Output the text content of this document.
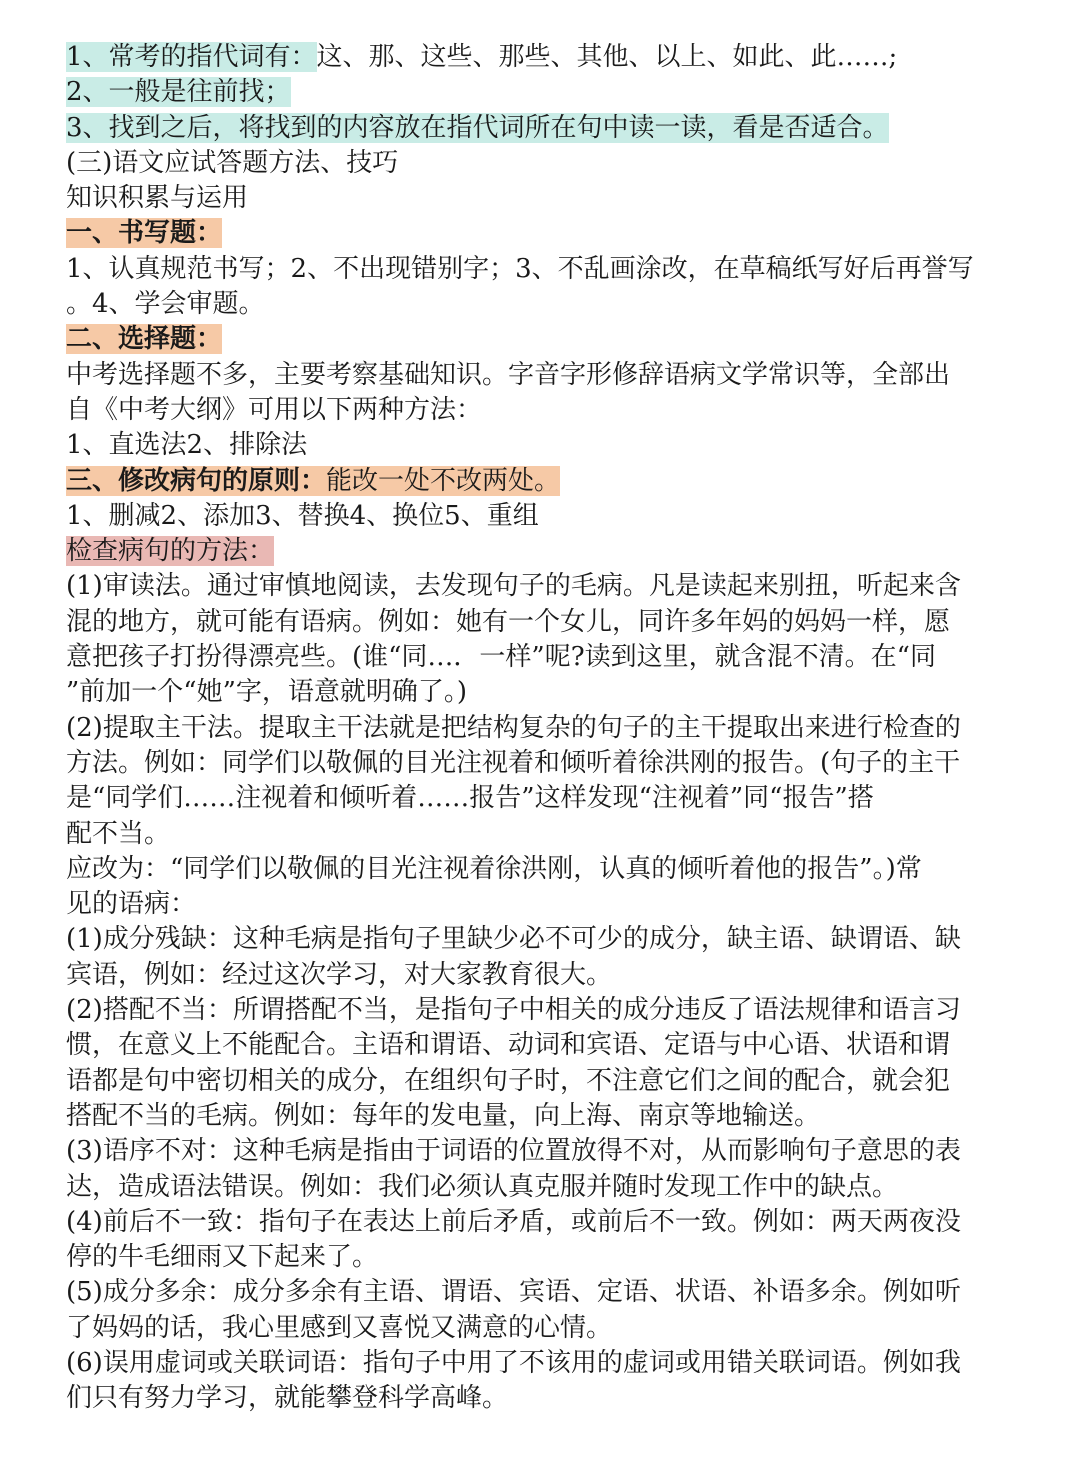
1、常考的指代词有：这、那、这些、那些、其他、以上、如此、此……;
2、一般是往前找；
3、找到之后，将找到的内容放在指代词所在句中读一读，看是否适合。
(三)语文应试答题方法、技巧
知识积累与运用
一、书写题：
1、认真规范书写；2、不出现错别字；3、不乱画涂改，在草稿纸写好后再誉写
。4、学会审题。
二、选择题：
中考选择题不多，主要考察基础知识。字音字形修辞语病文学常识等，全部出
自《中考大纲》可用以下两种方法：
1、直选法2、排除法
三、修改病句的原则：能改一处不改两处。
1、删减2、添加3、替换4、换位5、重组
检查病句的方法：
(1)审读法。通过审慎地阅读，去发现句子的毛病。凡是读起来别扭，听起来含
混的地方，就可能有语病。例如：她有一个女儿，同许多年妈的妈妈一样，愿
意把孩子打扮得漂亮些。(谁“同…．一样”呢?读到这里，就含混不清。在“同
”前加一个“她”字，语意就明确了。)
(2)提取主干法。提取主干法就是把结构复杂的句子的主干提取出来进行检查的
方法。例如：同学们以敬佩的目光注视着和倾听着徐洪刚的报告。(句子的主干
是“同学们……注视着和倾听着……报告”这样发现“注视着”同“报告”搭
配不当。
应改为：“同学们以敬佩的目光注视着徐洪刚，认真的倾听着他的报告”。)常
见的语病：
(1)成分残缺：这种毛病是指句子里缺少必不可少的成分，缺主语、缺谓语、缺
宾语，例如：经过这次学习，对大家教育很大。
(2)搭配不当：所谓搭配不当，是指句子中相关的成分违反了语法规律和语言习
惯，在意义上不能配合。主语和谓语、动词和宾语、定语与中心语、状语和谓
语都是句中密切相关的成分，在组织句子时，不注意它们之间的配合，就会犯
搭配不当的毛病。例如：每年的发电量，向上海、南京等地输送。
(3)语序不对：这种毛病是指由于词语的位置放得不对，从而影响句子意思的表
达，造成语法错误。例如：我们必须认真克服并随时发现工作中的缺点。
(4)前后不一致：指句子在表达上前后矛盾，或前后不一致。例如：两天两夜没
停的牛毛细雨又下起来了。
(5)成分多余：成分多余有主语、谓语、宾语、定语、状语、补语多余。例如听
了妈妈的话，我心里感到又喜悦又满意的心情。
(6)误用虚词或关联词语：指句子中用了不该用的虚词或用错关联词语。例如我
们只有努力学习，就能攀登科学高峰。
